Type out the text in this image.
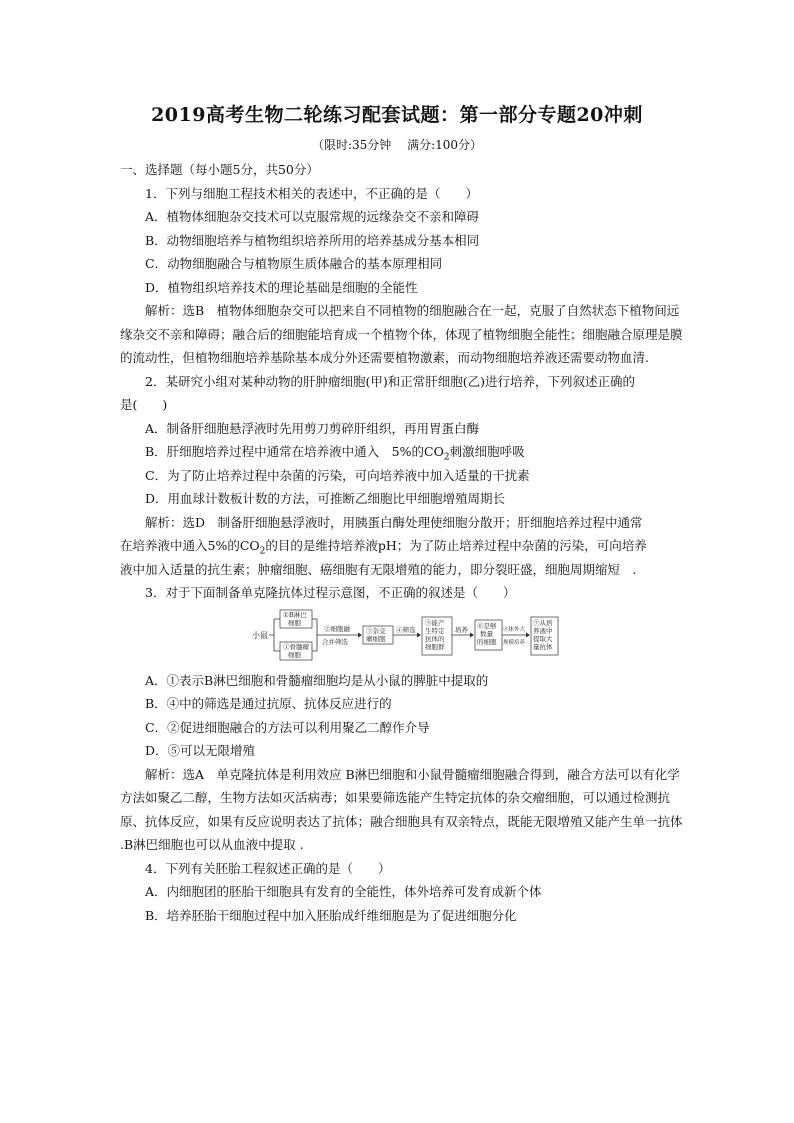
2019高考生物二轮练习配套试题：第一部分专题20冲刺
（限时:35分钟　 满分:100分）
一、选择题（每小题5分，共50分）
1．下列与细胞工程技术相关的表述中，不正确的是（　　）
A．植物体细胞杂交技术可以克服常规的远缘杂交不亲和障碍
B．动物细胞培养与植物组织培养所用的培养基成分基本相同
C．动物细胞融合与植物原生质体融合的基本原理相同
D．植物组织培养技术的理论基础是细胞的全能性
解析：选B　植物体细胞杂交可以把来自不同植物的细胞融合在一起，克服了自然状态下植物间远缘杂交不亲和障碍；融合后的细胞能培育成一个植物个体，体现了植物细胞全能性；细胞融合原理是膜的流动性，但植物细胞培养基除基本成分外还需要植物激素，而动物细胞培养液还需要动物血清.
2．某研究小组对某种动物的肝肿瘤细胞(甲)和正常肝细胞(乙)进行培养，下列叙述正确的
是(　　)
A．制备肝细胞悬浮液时先用剪刀剪碎肝组织，再用胃蛋白酶
B．肝细胞培养过程中通常在培养液中通入　5%的$CO_2$刺激细胞呼吸
C．为了防止培养过程中杂菌的污染，可向培养液中加入适量的干扰素
D．用血球计数板计数的方法，可推断乙细胞比甲细胞增殖周期长
解析：选D　制备肝细胞悬浮液时，用胰蛋白酶处理使细胞分散开；肝细胞培养过程中通常
在培养液中通入5%的$CO_2$的目的是维持培养液pH；为了防止培养过程中杂菌的污染，可向培养
液中加入适量的抗生素；肿瘤细胞、癌细胞有无限增殖的能力，即分裂旺盛，细胞周期缩短　.
3．对于下面制备单克隆抗体过程示意图，不正确的叙述是（　　）
小鼠
①B淋巴
细胞
①骨髓瘤
细胞
②细胞融
合并筛选
③杂交
瘤细胞
④筛选
⑤能产
生特定
抗体的
细胞群
培养 ⑥是够
数量
的细胞
⑧体外大
规模培养
⑦从培
养液中
提取大
量抗体
A．①表示B淋巴细胞和骨髓瘤细胞均是从小鼠的脾脏中提取的
B．④中的筛选是通过抗原、抗体反应进行的
C．②促进细胞融合的方法可以利用聚乙二醇作介导
D．⑤可以无限增殖
解析：选A　单克隆抗体是利用效应 B淋巴细胞和小鼠骨髓瘤细胞融合得到，融合方法可以有化学方法如聚乙二醇，生物方法如灭活病毒；如果要筛选能产生特定抗体的杂交瘤细胞，可以通过检测抗原、抗体反应，如果有反应说明表达了抗体；融合细胞具有双亲特点，既能无限增殖又能产生单一抗体 .B淋巴细胞也可以从血液中提取 .
4．下列有关胚胎工程叙述正确的是（　　）
A．内细胞团的胚胎干细胞具有发育的全能性，体外培养可发育成新个体
B．培养胚胎干细胞过程中加入胚胎成纤维细胞是为了促进细胞分化
